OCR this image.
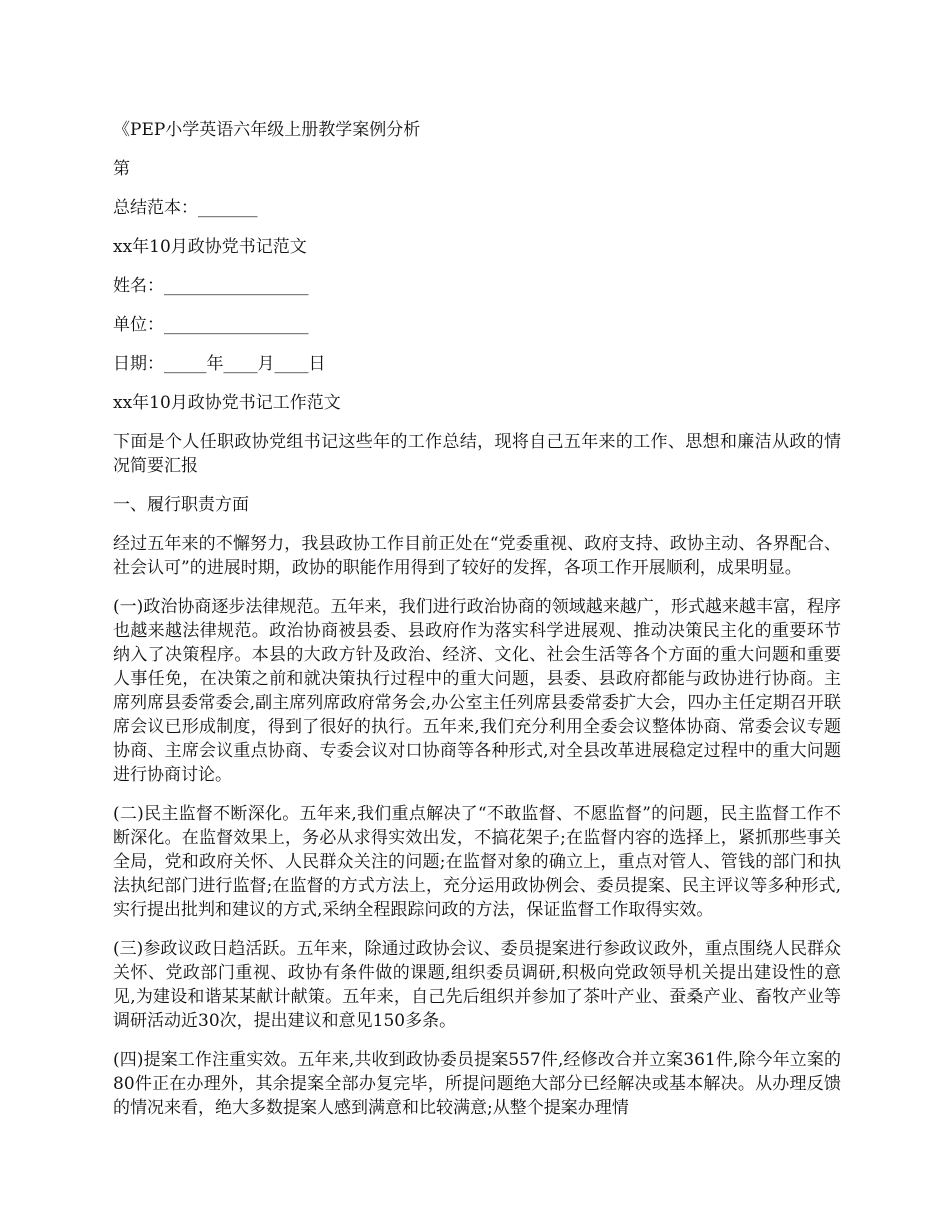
《PEP小学英语六年级上册教学案例分析
第
总结范本：_______
xx年10月政协党书记范文
姓名：_________________
单位：_________________
日期：_____年____月____日
xx年10月政协党书记工作范文
下面是个人任职政协党组书记这些年的工作总结，现将自己五年来的工作、思想和廉洁从政的情况简要汇报
一、履行职责方面
经过五年来的不懈努力，我县政协工作目前正处在“党委重视、政府支持、政协主动、各界配合、社会认可”的进展时期，政协的职能作用得到了较好的发挥，各项工作开展顺利，成果明显。
(一)政治协商逐步法律规范。五年来，我们进行政治协商的领域越来越广，形式越来越丰富，程序也越来越法律规范。政治协商被县委、县政府作为落实科学进展观、推动决策民主化的重要环节纳入了决策程序。本县的大政方针及政治、经济、文化、社会生活等各个方面的重大问题和重要人事任免，在决策之前和就决策执行过程中的重大问题，县委、县政府都能与政协进行协商。主席列席县委常委会,副主席列席政府常务会,办公室主任列席县委常委扩大会，四办主任定期召开联席会议已形成制度，得到了很好的执行。五年来,我们充分利用全委会议整体协商、常委会议专题协商、主席会议重点协商、专委会议对口协商等各种形式,对全县改革进展稳定过程中的重大问题进行协商讨论。
(二)民主监督不断深化。五年来,我们重点解决了“不敢监督、不愿监督”的问题，民主监督工作不断深化。在监督效果上，务必从求得实效出发，不搞花架子;在监督内容的选择上，紧抓那些事关全局，党和政府关怀、人民群众关注的问题;在监督对象的确立上，重点对管人、管钱的部门和执法执纪部门进行监督;在监督的方式方法上，充分运用政协例会、委员提案、民主评议等多种形式,实行提出批判和建议的方式,采纳全程跟踪问政的方法，保证监督工作取得实效。
(三)参政议政日趋活跃。五年来，除通过政协会议、委员提案进行参政议政外，重点围绕人民群众关怀、党政部门重视、政协有条件做的课题,组织委员调研,积极向党政领导机关提出建设性的意见,为建设和谐某某献计献策。五年来，自己先后组织并参加了茶叶产业、蚕桑产业、畜牧产业等调研活动近30次，提出建议和意见150多条。
(四)提案工作注重实效。五年来,共收到政协委员提案557件,经修改合并立案361件,除今年立案的80件正在办理外，其余提案全部办复完毕，所提问题绝大部分已经解决或基本解决。从办理反馈的情况来看，绝大多数提案人感到满意和比较满意;从整个提案办理情
